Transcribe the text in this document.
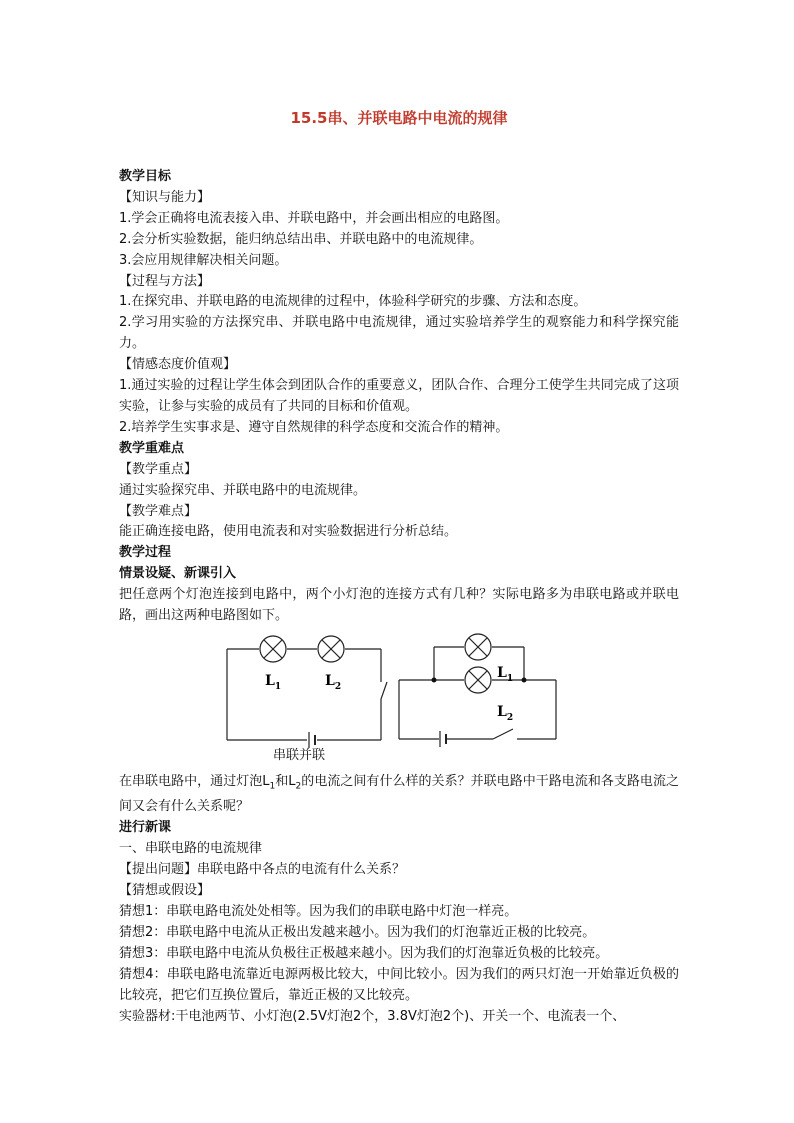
15.5串、并联电路中电流的规律
教学目标
【知识与能力】
1.学会正确将电流表接入串、并联电路中，并会画出相应的电路图。
2.会分析实验数据，能归纳总结出串、并联电路中的电流规律。
3.会应用规律解决相关问题。
【过程与方法】
1.在探究串、并联电路的电流规律的过程中，体验科学研究的步骤、方法和态度。
2.学习用实验的方法探究串、并联电路中电流规律，通过实验培养学生的观察能力和科学探究能力。
【情感态度价值观】
1.通过实验的过程让学生体会到团队合作的重要意义，团队合作、合理分工使学生共同完成了这项实验，让参与实验的成员有了共同的目标和价值观。
2.培养学生实事求是、遵守自然规律的科学态度和交流合作的精神。
教学重难点
【教学重点】
通过实验探究串、并联电路中的电流规律。
【教学难点】
能正确连接电路，使用电流表和对实验数据进行分析总结。
教学过程
情景设疑、新课引入
把任意两个灯泡连接到电路中，两个小灯泡的连接方式有几种？实际电路多为串联电路或并联电路，画出这两种电路图如下。
$L_1$	$L_2$
$L_1$
$L_2$
串联并联
在串联电路中，通过灯泡$L_1$和$L_2$的电流之间有什么样的关系？并联电路中干路电流和各支路电流之间又会有什么关系呢？
进行新课
一、串联电路的电流规律
【提出问题】串联电路中各点的电流有什么关系？
【猜想或假设】
猜想1：串联电路电流处处相等。因为我们的串联电路中灯泡一样亮。
猜想2：串联电路中电流从正极出发越来越小。因为我们的灯泡靠近正极的比较亮。
猜想3：串联电路中电流从负极往正极越来越小。因为我们的灯泡靠近负极的比较亮。
猜想4：串联电路电流靠近电源两极比较大，中间比较小。因为我们的两只灯泡一开始靠近负极的比较亮，把它们互换位置后，靠近正极的又比较亮。
实验器材:干电池两节、小灯泡(2.5V灯泡2个，3.8V灯泡2个)、开关一个、电流表一个、
